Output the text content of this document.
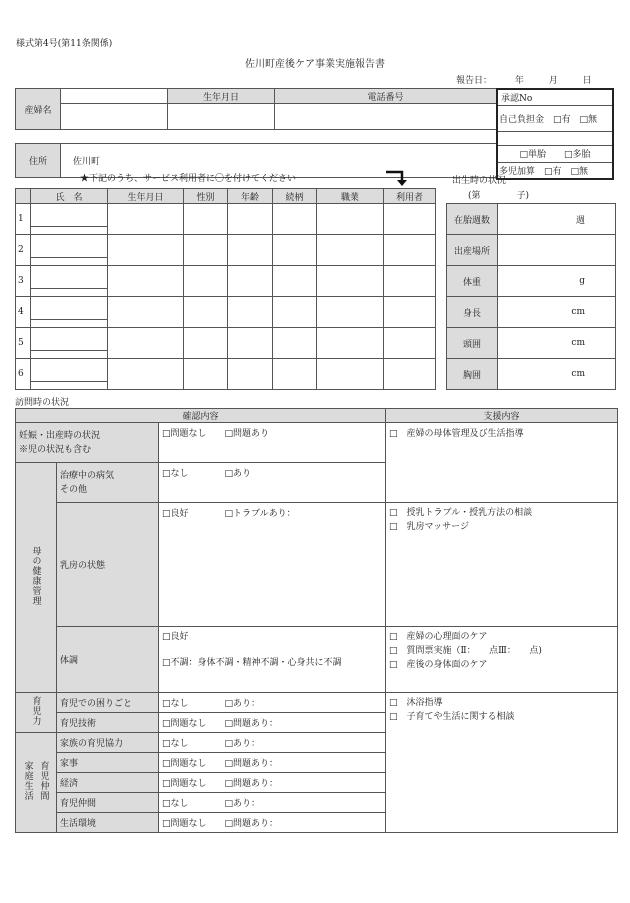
様式第4号(第11条関係)
佐川町産後ケア事業実施報告書
報告日：	年	月	日
産婦名		生年月日	電話番号

住所	佐川町		
承認No
自己負担金　□有　□無

□単胎　　□多胎
多児加算　□有　□無
★下記のうち、サービス利用者に〇を付けてください
	氏　名	生年月日	性別	年齢	続柄	職業	利用者
1	

2	

3	

4	

5	

6	

出生時の状況
(第　　　　子)
在胎週数	週
出産場所	
体重	g
身長	cm
頭囲	cm
胸囲	cm
訪問時の状況
確認内容			支援内容

妊娠・出産時の状況
※児の状況も含む		□問題なし　　□問題あり	□　産婦の母体管理及び生活指導
母の健康管理	治療中の病気
その他	□なし　　　　□あり	
	乳房の状態	□良好　　　　□トラブルあり：	□　授乳トラブル・授乳方法の相談
□　乳房マッサージ

	体調	□良好
□不調：身体不調・精神不調・心身共に不調	□　産婦の心理面のケア
□　質問票実施（Ⅱ：　　点Ⅲ：　　点)
□　産後の身体面のケア

育児力	育児での困りごと	□なし　　　　□あり：	□　沐浴指導
□　子育てや生活に関する相談

	育児技術	□問題なし　　□問題あり：	
家庭生活 育児仲間	家族の育児協力	□なし　　　　□あり：	
	家事	□問題なし　　□問題あり：	
	経済	□問題なし　　□問題あり：	
	育児仲間	□なし　　　　□あり：	
	生活環境	□問題なし　　□問題あり：	
